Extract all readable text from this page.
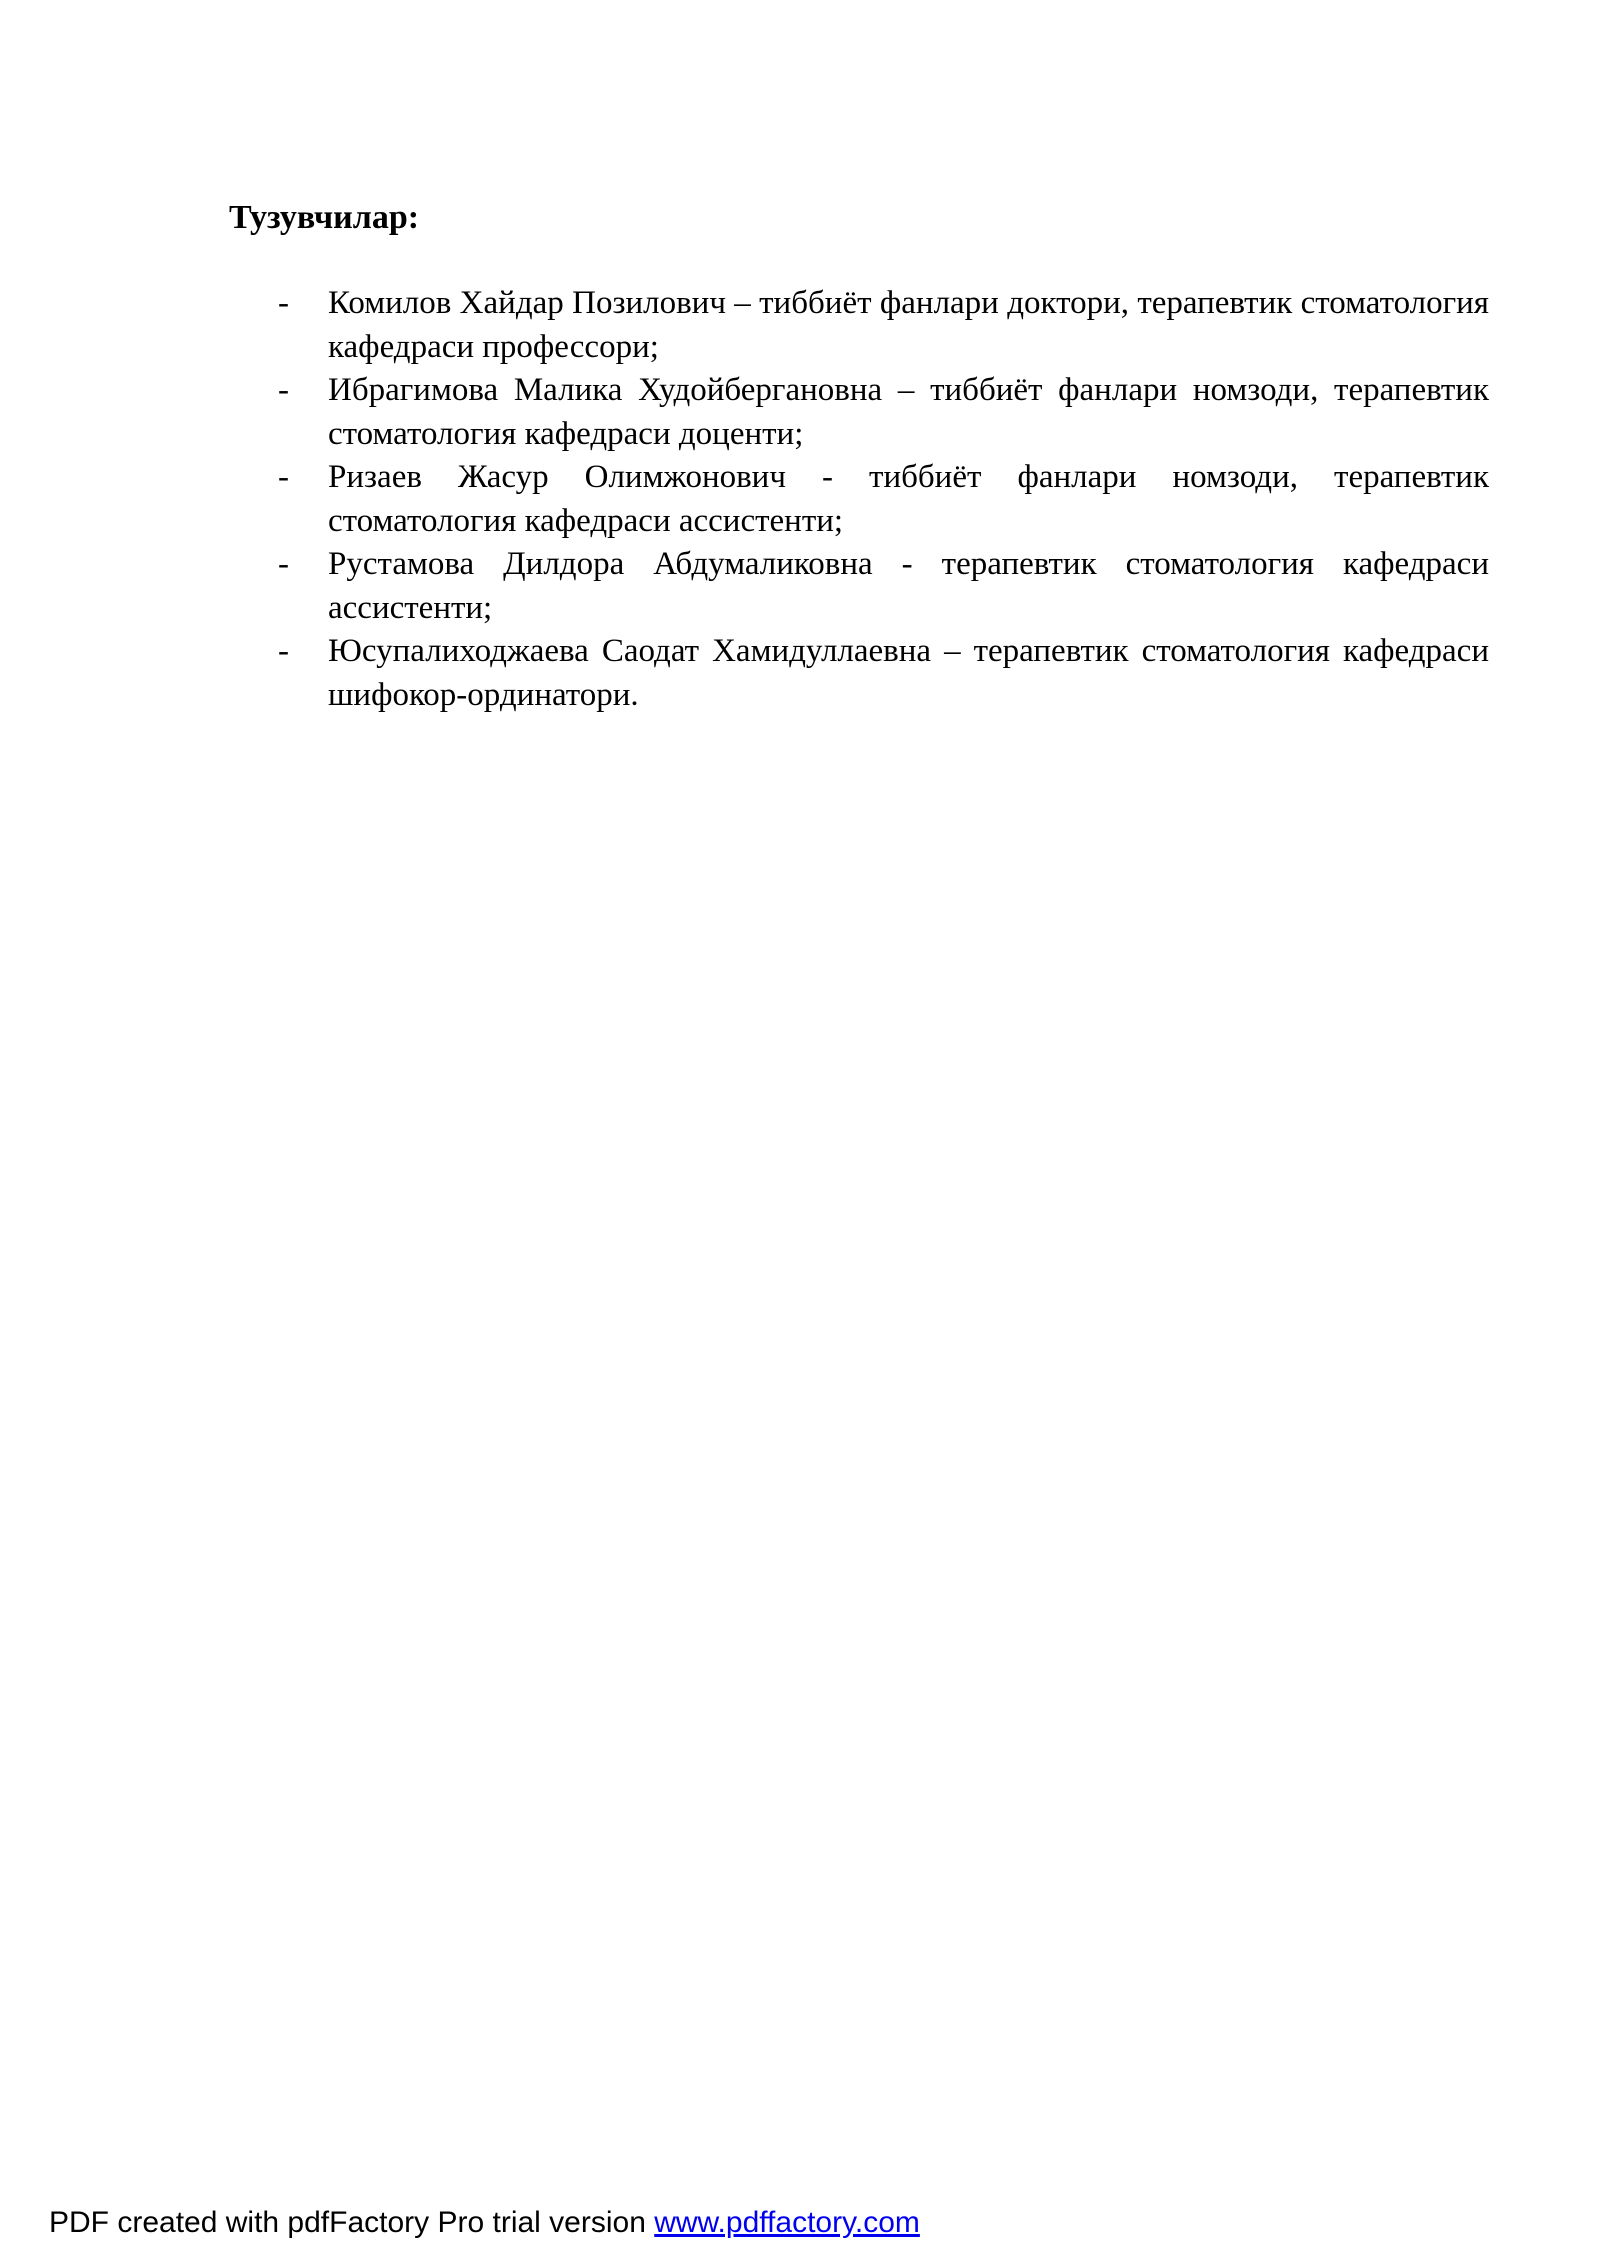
Тузувчилар:
- Комилов Хайдар Позилович – тиббиёт фанлари доктори, терапевтик стоматология кафедраси профессори;
- Ибрагимова Малика Худойбергановна – тиббиёт фанлари номзоди, терапевтик стоматология кафедраси доценти;
- Ризаев Жасур Олимжонович - тиббиёт фанлари номзоди, терапевтик стоматология кафедраси ассистенти;
- Рустамова Дилдора Абдумаликовна - терапевтик стоматология кафедраси ассистенти;
- Юсупалиходжаева Саодат Хамидуллаевна – терапевтик стоматология кафедраси шифокор-ординатори.
PDF created with pdfFactory Pro trial version www.pdffactory.com
